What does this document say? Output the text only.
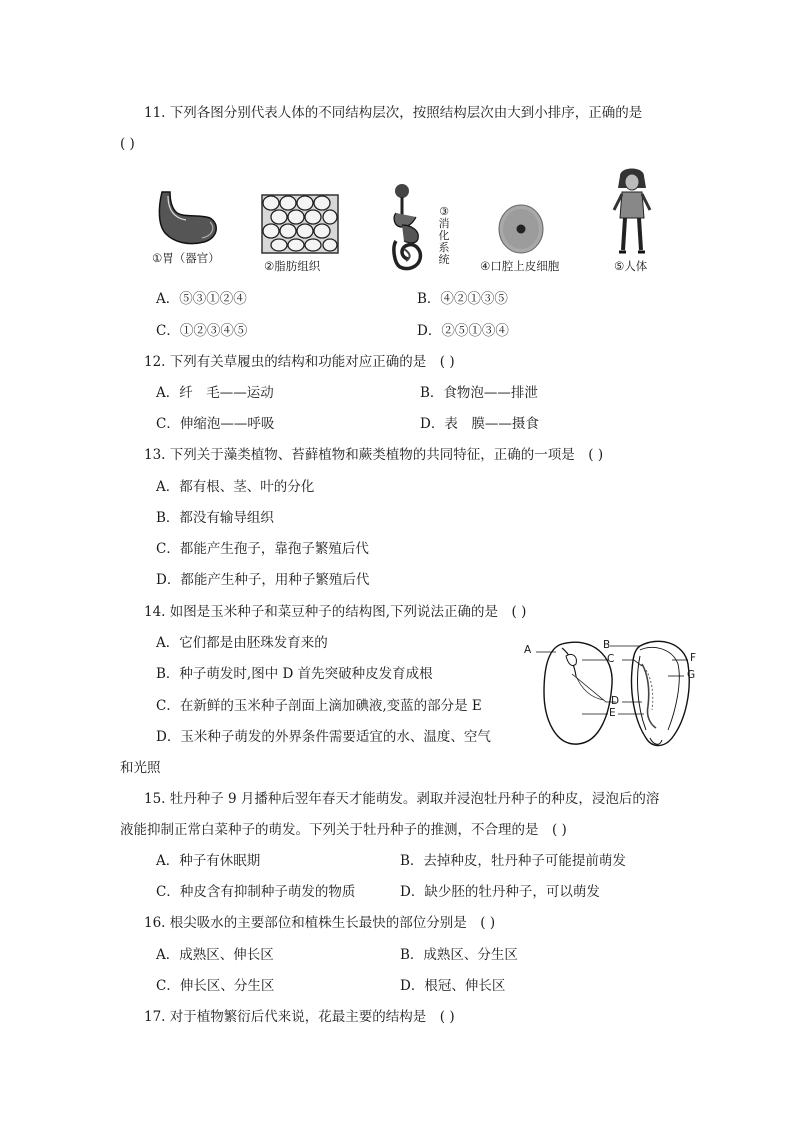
11. 下列各图分别代表人体的不同结构层次，按照结构层次由大到小排序，正确的是
( )
①胃（器官）
②脂肪组织
③
消
化
系
统	④口腔上皮细胞	⑤人体
A．⑤③①②④	B．④②①③⑤
C．①②③④⑤	D．②⑤①③④
12. 下列有关草履虫的结构和功能对应正确的是　( )
A．纤　毛——运动	B．食物泡——排泄
C．伸缩泡——呼吸	D．表　膜——摄食
13. 下列关于藻类植物、苔藓植物和蕨类植物的共同特征，正确的一项是　( )
A．都有根、茎、叶的分化
B．都没有输导组织
C．都能产生孢子，靠孢子繁殖后代
D．都能产生种子，用种子繁殖后代
14. 如图是玉米种子和菜豆种子的结构图,下列说法正确的是　( )
A．它们都是由胚珠发育来的
B．种子萌发时,图中 D 首先突破种皮发育成根
C．在新鲜的玉米种子剖面上滴加碘液,变蓝的部分是 E
D．玉米种子萌发的外界条件需要适宜的水、温度、空气
和光照
A	B
C
D
E
F
G
15. 牡丹种子 9 月播种后翌年春天才能萌发。剥取并浸泡牡丹种子的种皮，浸泡后的溶
液能抑制正常白菜种子的萌发。下列关于牡丹种子的推测，不合理的是　( )
A．种子有休眠期	B．去掉种皮，牡丹种子可能提前萌发
C．种皮含有抑制种子萌发的物质	D．缺少胚的牡丹种子，可以萌发
16. 根尖吸水的主要部位和植株生长最快的部位分别是　( )
A．成熟区、伸长区	B．成熟区、分生区
C．伸长区、分生区	D．根冠、伸长区
17. 对于植物繁衍后代来说，花最主要的结构是　( )
